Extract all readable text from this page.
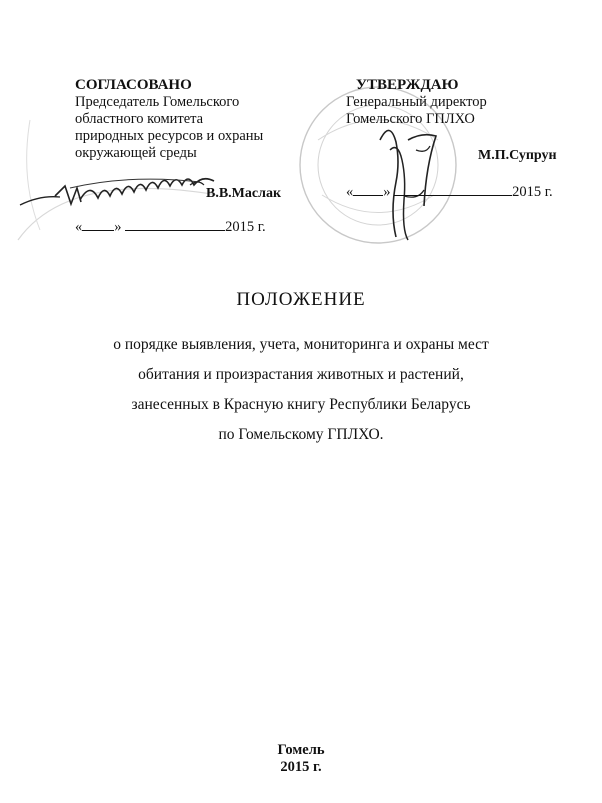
СОГЛАСОВАНО
Председатель Гомельского
областного комитета
природных ресурсов и охраны
окружающей среды
В.В.Маслак
« »	2015 г.
УТВЕРЖДАЮ
Генеральный директор
Гомельского ГПЛХО
М.П.Супрун
« »	2015 г.
ПОЛОЖЕНИЕ
о порядке выявления, учета, мониторинга и охраны мест
обитания и произрастания животных и растений,
занесенных в Красную книгу Республики Беларусь
по Гомельскому ГПЛХО.
Гомель
2015 г.
